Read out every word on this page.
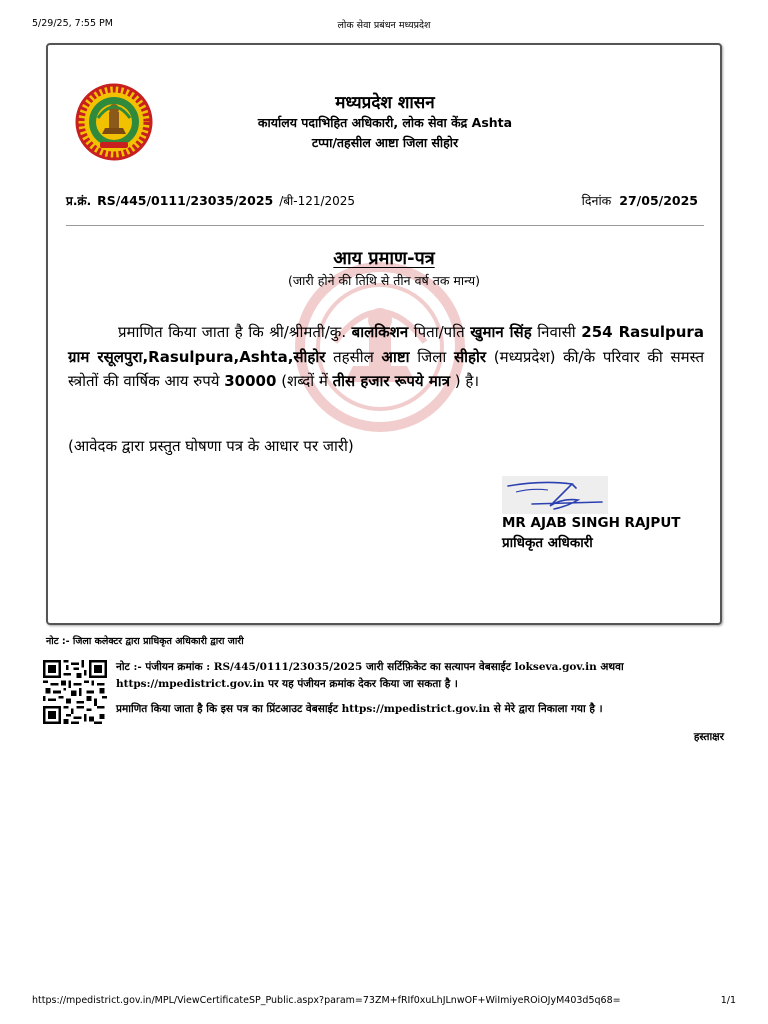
5/29/25, 7:55 PM	लोक सेवा प्रबंधन मध्यप्रदेश
मध्यप्रदेश शासन
कार्यालय पदाभिहित अधिकारी, लोक सेवा केंद्र Ashta
टप्पा/तहसील आष्टा जिला सीहोर
प्र.क्रं. RS/445/0111/23035/2025 /बी-121/2025	दिनांक 27/05/2025
आय प्रमाण-पत्र
(जारी होने की तिथि से तीन वर्ष तक मान्य)
प्रमाणित किया जाता है कि श्री/श्रीमती/कु. बालकिशन पिता/पति खुमान सिंह निवासी 254 Rasulpura ग्राम रसूलपुरा,Rasulpura,Ashta,सीहोर तहसील आष्टा जिला सीहोर (मध्यप्रदेश) की/के परिवार की समस्त स्त्रोतों की वार्षिक आय रुपये 30000 (शब्दों में तीस हजार रूपये मात्र ) है।
(आवेदक द्वारा प्रस्तुत घोषणा पत्र के आधार पर जारी)
MR AJAB SINGH RAJPUT
प्राधिकृत अधिकारी
नोट :- जिला कलेक्टर द्वारा प्राधिकृत अधिकारी द्वारा जारी
नोट :- पंजीयन क्रमांक : RS/445/0111/23035/2025 जारी सर्टिफ़िकेट का सत्यापन वेबसाईट lokseva.gov.in अथवा
https://mpedistrict.gov.in पर यह पंजीयन क्रमांक देकर किया जा सकता है ।
प्रमाणित किया जाता है कि इस पत्र का प्रिंटआउट वेबसाईट https://mpedistrict.gov.in से मेरे द्वारा निकाला गया है ।
हस्ताक्षर
https://mpedistrict.gov.in/MPL/ViewCertificateSP_Public.aspx?param=73ZM+fRIf0xuLhJLnwOF+WiImiyeROiOJyM403d5q68=	1/1
